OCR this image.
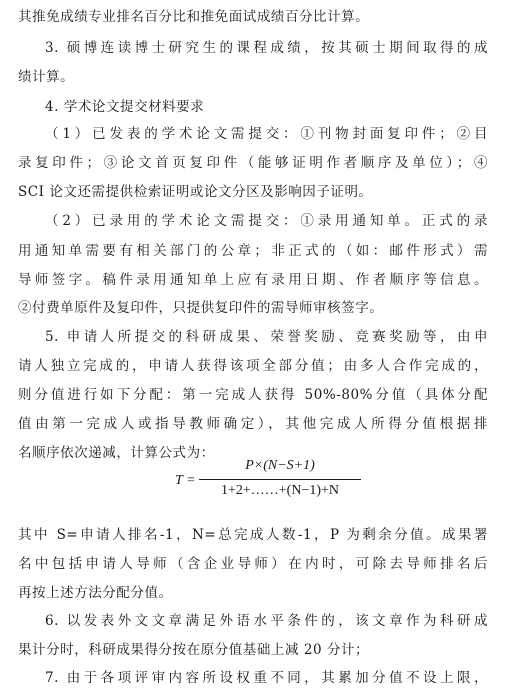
其推免成绩专业排名百分比和推免面试成绩百分比计算。
3. 硕博连读博士研究生的课程成绩，按其硕士期间取得的成
绩计算。
4. 学术论文提交材料要求
（1）已发表的学术论文需提交：①刊物封面复印件；②目
录复印件；③论文首页复印件（能够证明作者顺序及单位）；④
SCI 论文还需提供检索证明或论文分区及影响因子证明。
（2）已录用的学术论文需提交：①录用通知单。正式的录
用通知单需要有相关部门的公章；非正式的（如：邮件形式）需
导师签字。稿件录用通知单上应有录用日期、作者顺序等信息。
②付费单原件及复印件，只提供复印件的需导师审核签字。
5. 申请人所提交的科研成果、荣誉奖励、竞赛奖励等，由申
请人独立完成的，申请人获得该项全部分值；由多人合作完成的，
则分值进行如下分配：第一完成人获得 50%-80%分值（具体分配
值由第一完成人或指导教师确定），其他完成人所得分值根据排
名顺序依次递减，计算公式为：
T =
P×(N−S+1)
1+2+……+(N−1)+N
其中 S=申请人排名-1，N=总完成人数-1，P 为剩余分值。成果署
名中包括申请人导师（含企业导师）在内时，可除去导师排名后
再按上述方法分配分值。
6. 以发表外文文章满足外语水平条件的，该文章作为科研成
果计分时，科研成果得分按在原分值基础上减 20 分计；
7. 由于各项评审内容所设权重不同，其累加分值不设上限，
